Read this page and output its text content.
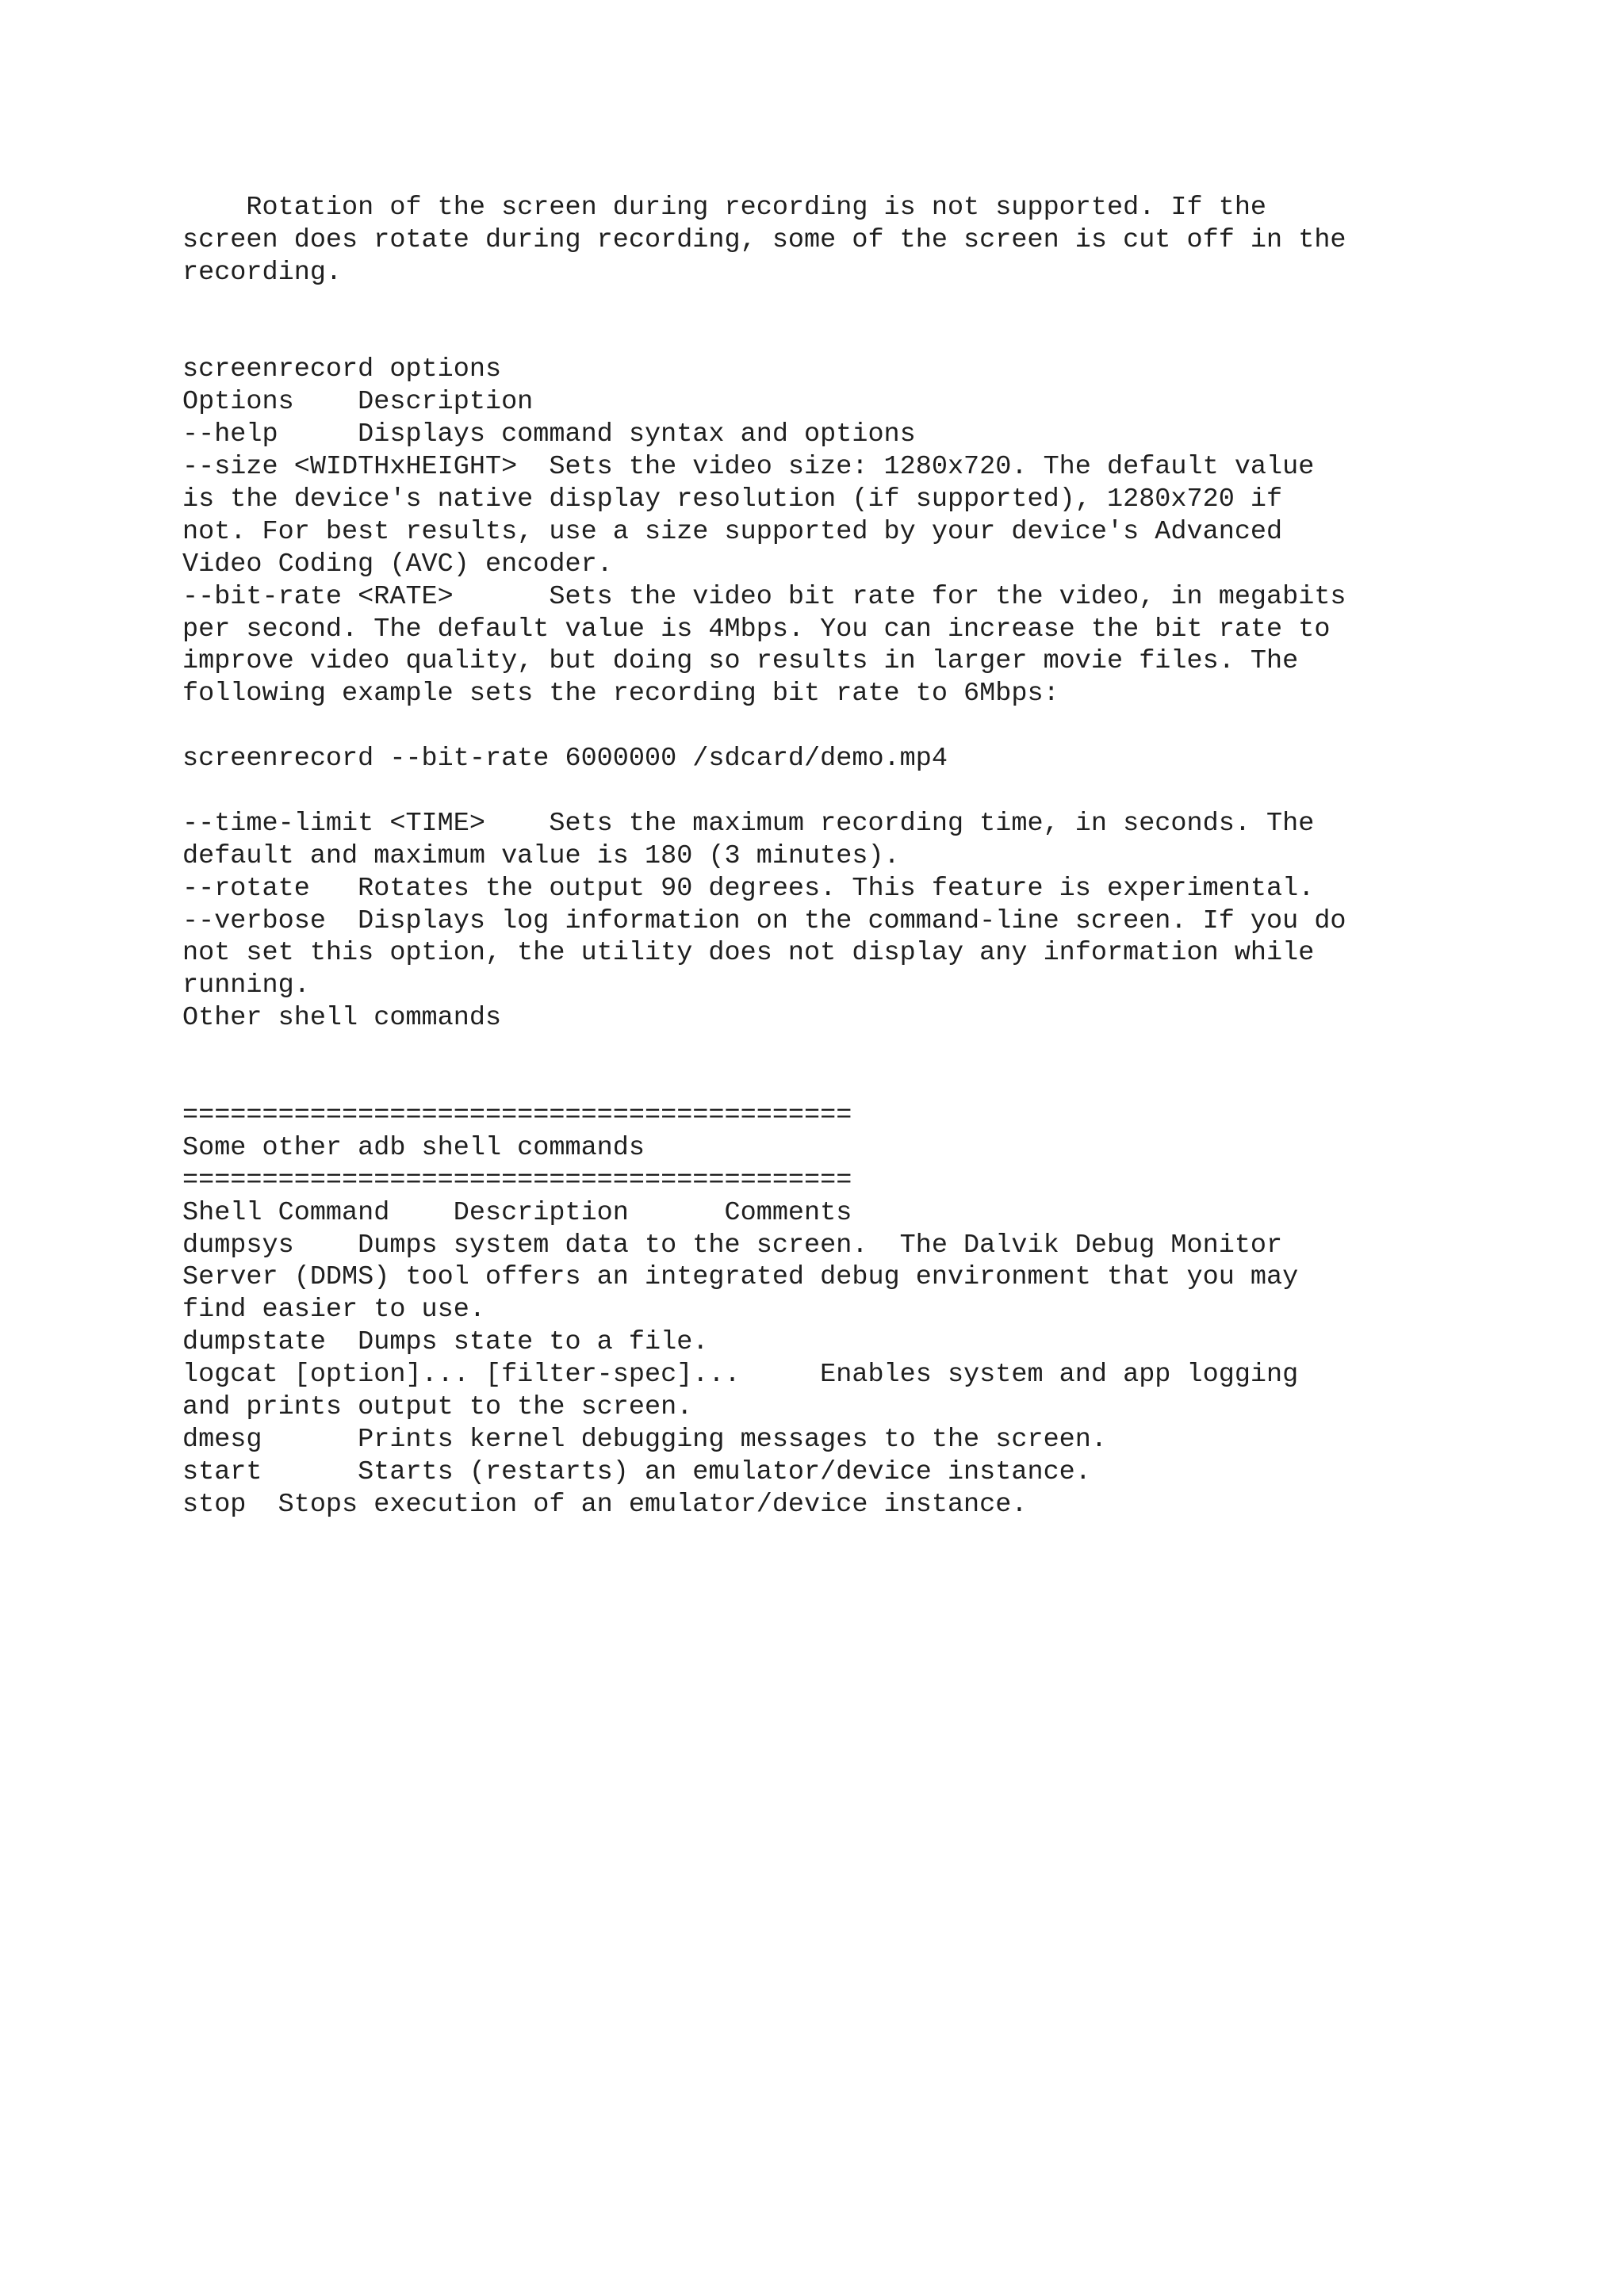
Rotation of the screen during recording is not supported. If the
screen does rotate during recording, some of the screen is cut off in the
recording.
screenrecord options
Options    Description
--help     Displays command syntax and options
--size <WIDTHxHEIGHT>  Sets the video size: 1280x720. The default value
is the device's native display resolution (if supported), 1280x720 if
not. For best results, use a size supported by your device's Advanced
Video Coding (AVC) encoder.
--bit-rate <RATE>      Sets the video bit rate for the video, in megabits
per second. The default value is 4Mbps. You can increase the bit rate to
improve video quality, but doing so results in larger movie files. The
following example sets the recording bit rate to 6Mbps:
screenrecord --bit-rate 6000000 /sdcard/demo.mp4
--time-limit <TIME>    Sets the maximum recording time, in seconds. The
default and maximum value is 180 (3 minutes).
--rotate   Rotates the output 90 degrees. This feature is experimental.
--verbose  Displays log information on the command-line screen. If you do
not set this option, the utility does not display any information while
running.
Other shell commands
==========================================
Some other adb shell commands
==========================================
Shell Command    Description      Comments
dumpsys    Dumps system data to the screen.  The Dalvik Debug Monitor
Server (DDMS) tool offers an integrated debug environment that you may
find easier to use.
dumpstate  Dumps state to a file.
logcat [option]... [filter-spec]...     Enables system and app logging
and prints output to the screen.
dmesg      Prints kernel debugging messages to the screen.
start      Starts (restarts) an emulator/device instance.
stop  Stops execution of an emulator/device instance.
